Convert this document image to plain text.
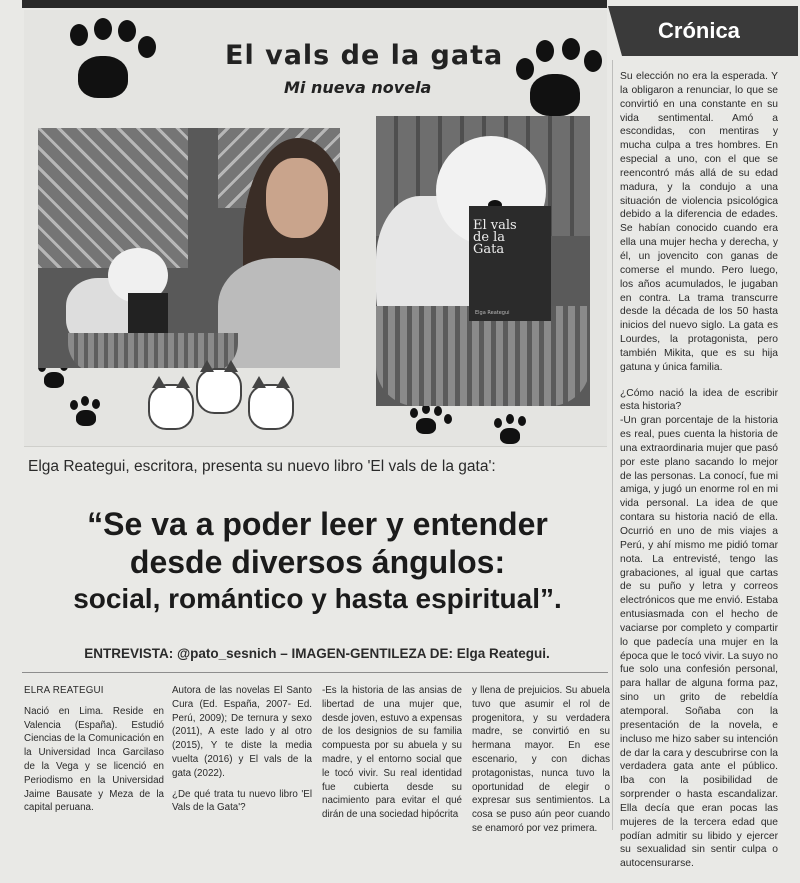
Crónica
El vals de la gata
Mi nueva novela
El vals de la Gata
Elga Reategui
Elga Reategui, escritora, presenta su nuevo libro 'El vals de la gata':
“Se va a poder leer y entender
desde diversos ángulos:
social, romántico y hasta espiritual”.
ENTREVISTA: @pato_sesnich – IMAGEN-GENTILEZA DE: Elga Reategui.

ELRA REATEGUI

Nació en Lima. Reside en Valencia (España). Estudió Ciencias de la Comunicación en la Universidad Inca Garcilaso de la Vega y se licenció en Periodismo en la Universidad Jaime Bausate y Meza de la capital peruana.

Autora de las novelas El Santo Cura (Ed. España, 2007- Ed. Perú, 2009); De ternura y sexo (2011), A este lado y al otro (2015), Y te diste la media vuelta (2016) y El vals de la gata (2022).

¿De qué trata tu nuevo libro 'El Vals de la Gata'?

-Es la historia de las ansias de libertad de una mujer que, desde joven, estuvo a expensas de los designios de su familia compuesta por su abuela y su madre, y el entorno social que le tocó vivir. Su real identidad fue cubierta desde su nacimiento para evitar el qué dirán de una sociedad hipócrita

y llena de prejuicios. Su abuela tuvo que asumir el rol de progenitora, y su verdadera madre, se convirtió en su hermana mayor. En ese escenario, y con dichas protagonistas, nunca tuvo la oportunidad de elegir o expresar sus sentimientos. La cosa se puso aún peor cuando se enamoró por vez primera.

Su elección no era la esperada. Y la obligaron a renunciar, lo que se convirtió en una constante en su vida sentimental. Amó a escondidas, con mentiras y mucha culpa a tres hombres. En especial a uno, con el que se reencontró más allá de su edad madura, y la condujo a una situación de violencia psicológica debido a la diferencia de edades. Se habían conocido cuando era ella una mujer hecha y derecha, y él, un jovencito con ganas de comerse el mundo. Pero luego, los años acumulados, le jugaban en contra. La trama transcurre desde la década de los 50 hasta inicios del nuevo siglo. La gata es Lourdes, la protagonista, pero también Mikita, que es su hija gatuna y única familia.

¿Cómo nació la idea de escribir esta historia?

-Un gran porcentaje de la historia es real, pues cuenta la historia de una extraordinaria mujer que pasó por este plano sacando lo mejor de las personas. La conocí, fue mi amiga, y jugó un enorme rol en mi vida personal. La idea de que contara su historia nació de ella. Ocurrió en uno de mis viajes a Perú, y ahí mismo me pidió tomar nota. La entrevisté, tengo las grabaciones, al igual que cartas de su puño y letra y correos electrónicos que me envió. Estaba entusiasmada con el hecho de vaciarse por completo y compartir lo que padecía una mujer en la época que le tocó vivir. La suyo no fue solo una confesión personal, para hallar de alguna forma paz, sino un grito de rebeldía atemporal. Soñaba con la presentación de la novela, e incluso me hizo saber su intención de dar la cara y descubrirse con la verdadera gata ante el público. Iba con la posibilidad de sorprender o hasta escandalizar. Ella decía que eran pocas las mujeres de la tercera edad que podían admitir su libido y ejercer su sexualidad sin sentir culpa o autocensurarse.
